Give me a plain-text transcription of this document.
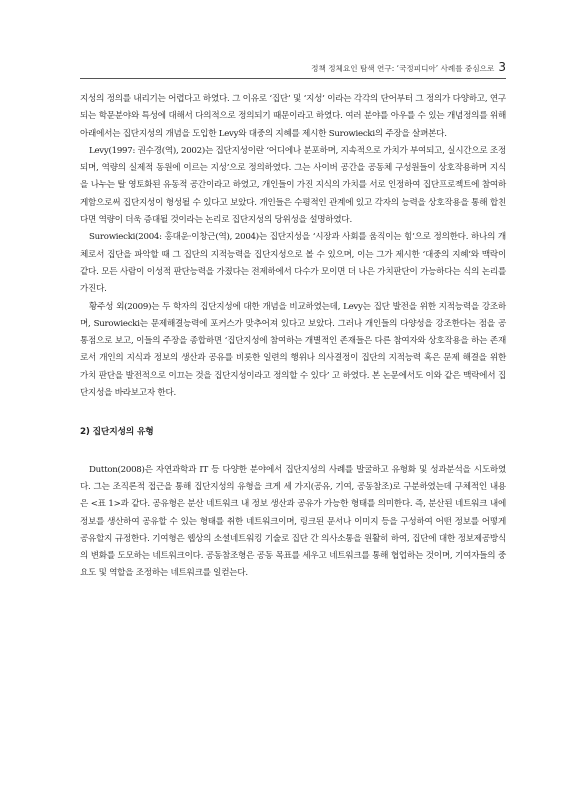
정책 정체요인 탐색 연구: ‘국정피디아’ 사례를 중심으로 3

지성의 정의를 내리기는 어렵다고 하였다. 그 이유로 ‘집단’ 및 ‘지성’ 이라는 각각의 단어부터 그 정의가 다양하고, 연구되는 학문분야와 특성에 대해서 다의적으로 정의되기 때문이라고 하였다. 여러 분야를 아우를 수 있는 개념정의를 위해 아래에서는 집단지성의 개념을 도입한 Levy와 대중의 지혜를 제시한 Surowiecki의 주장을 살펴본다.

Levy(1997: 권수경(역), 2002)는 집단지성이란 ‘어디에나 분포하며, 지속적으로 가치가 부여되고, 실시간으로 조정되며, 역량의 실제적 동원에 이르는 지성’으로 정의하였다. 그는 사이버 공간을 공동체 구성원들이 상호작용하며 지식을 나누는 탈 영토화된 유동적 공간이라고 하였고, 개인들이 가진 지식의 가치를 서로 인정하여 집단프로젝트에 참여하게함으로써 집단지성이 형성될 수 있다고 보았다. 개인들은 수평적인 관계에 있고 각자의 능력을 상호작용을 통해 합친다면 역량이 더욱 증대될 것이라는 논리로 집단지성의 당위성을 설명하였다.

Surowiecki(2004: 홍대운·이창근(역), 2004)는 집단지성을 ‘시장과 사회를 움직이는 힘’으로 정의한다. 하나의 개체로서 집단을 파악할 때 그 집단의 지적능력을 집단지성으로 볼 수 있으며, 이는 그가 제시한 ‘대중의 지혜’와 맥락이 같다. 모든 사람이 이성적 판단능력을 가졌다는 전제하에서 다수가 모이면 더 나은 가치판단이 가능하다는 식의 논리를 가진다.

황주성 외(2009)는 두 학자의 집단지성에 대한 개념을 비교하였는데, Levy는 집단 발전을 위한 지적능력을 강조하며, Surowiecki는 문제해결능력에 포커스가 맞추어져 있다고 보았다. 그러나 개인들의 다양성을 강조한다는 점을 공통점으로 보고, 이들의 주장을 종합하면 ‘집단지성에 참여하는 개별적인 존재들은 다른 참여자와 상호작용을 하는 존재로서 개인의 지식과 정보의 생산과 공유를 비롯한 일련의 행위나 의사결정이 집단의 지적능력 혹은 문제 해결을 위한 가치 판단을 발전적으로 이끄는 것을 집단지성이라고 정의할 수 있다’ 고 하였다. 본 논문에서도 이와 같은 맥락에서 집단지성을 바라보고자 한다.

2) 집단지성의 유형

Dutton(2008)은 자연과학과 IT 등 다양한 분야에서 집단지성의 사례를 발굴하고 유형화 및 성과분석을 시도하였다. 그는 조직론적 접근을 통해 집단지성의 유형을 크게 세 가지(공유, 기여, 공동참조)로 구분하였는데 구체적인 내용은 <표 1>과 같다. 공유형은 분산 네트워크 내 정보 생산과 공유가 가능한 형태를 의미한다. 즉, 분산된 네트워크 내에 정보를 생산하여 공유할 수 있는 형태를 취한 네트워크이며, 링크된 문서나 이미지 등을 구성하여 어떤 정보를 어떻게 공유할지 규정한다. 기여형은 웹상의 소셜네트워킹 기술로 집단 간 의사소통을 원활히 하여, 집단에 대한 정보제공방식의 변화를 도모하는 네트워크이다. 공동참조형은 공동 목표를 세우고 네트워크를 통해 협업하는 것이며, 기여자들의 중요도 및 역할을 조정하는 네트워크를 일컫는다.
